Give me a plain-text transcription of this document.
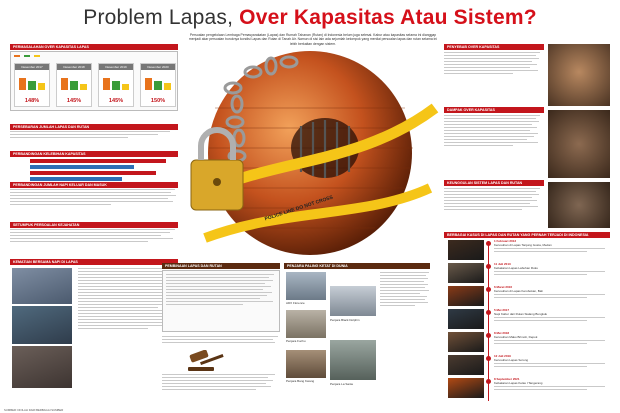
Problem Lapas, Over Kapasitas Atau Sistem?
Persoalan pengelolaan Lembaga Pemasyarakatan (Lapas) dan Rumah Tahanan (Rutan) di Indonesia belum juga selesai. Kabur atau kapasitas selama ini dianggap menjadi akar persoalan buruknya kondisi Lapas dan Rutan di Tanah Air. Namun di sisi lain ada sejumlah kelompok yang menilai persoalan lapas dan rutan selama ini lebih berkaitan dengan sistem.
PERMASALAHAN OVER KAPASITAS LAPAS

Desember 2017
148%
Desember 2018
145%
Desember 2019
145%
Desember 2020
150%
PERSEBARAN JUMLAH LAPAS DAN RUTAN
PERBANDINGAN KELEBIHAN KAPASITAS
PERBANDINGAN JUMLAH NAPI KELUAR DAN MASUK
SETUMPUK PERSOALAN KEJAHATAN
KEMATIAN BERSAMA NAPI DI LAPAS
POLICE LINE DO NOT CROSS
PEMBINAAN LAPAS DAN RUTAN	PENJARA PALING KETAT DI DUNIA
ADX Florence
Penjara Fuchu
Penjara Bang Kwang
Penjara Black Dolphin
Penjara La Sante
PENYEBAB OVER KAPASITAS
DAMPAK OVER KAPASITAS
KEUNGGULAN SISTEM LAPAS DAN RUTAN
BERBAGAI KASUS DI LAPAS DAN RUTAN YANG PERNAH TERJADI DI INDONESIA
1 Februari 2013
Kerusuhan di Lapas Tanjung Gusta, Medan
11 Juli 2013
Kebakaran Lapas Labuhan Ruku
6 Maret 2016
Kerusuhan di Lapas Kerobokan, Bali
5 Mei 2017
Napi Kabur dari Rutan Sialang Bungkuk
8 Mei 2018
Kerusuhan Mako Brimob, Depok
12 Juli 2019
Kerusuhan Lapas Sorong
8 September 2021
Kebakaran Lapas Kelas I Tangerang
SUMBER: DIOLAH DARI BERBAGAI SUMBER
